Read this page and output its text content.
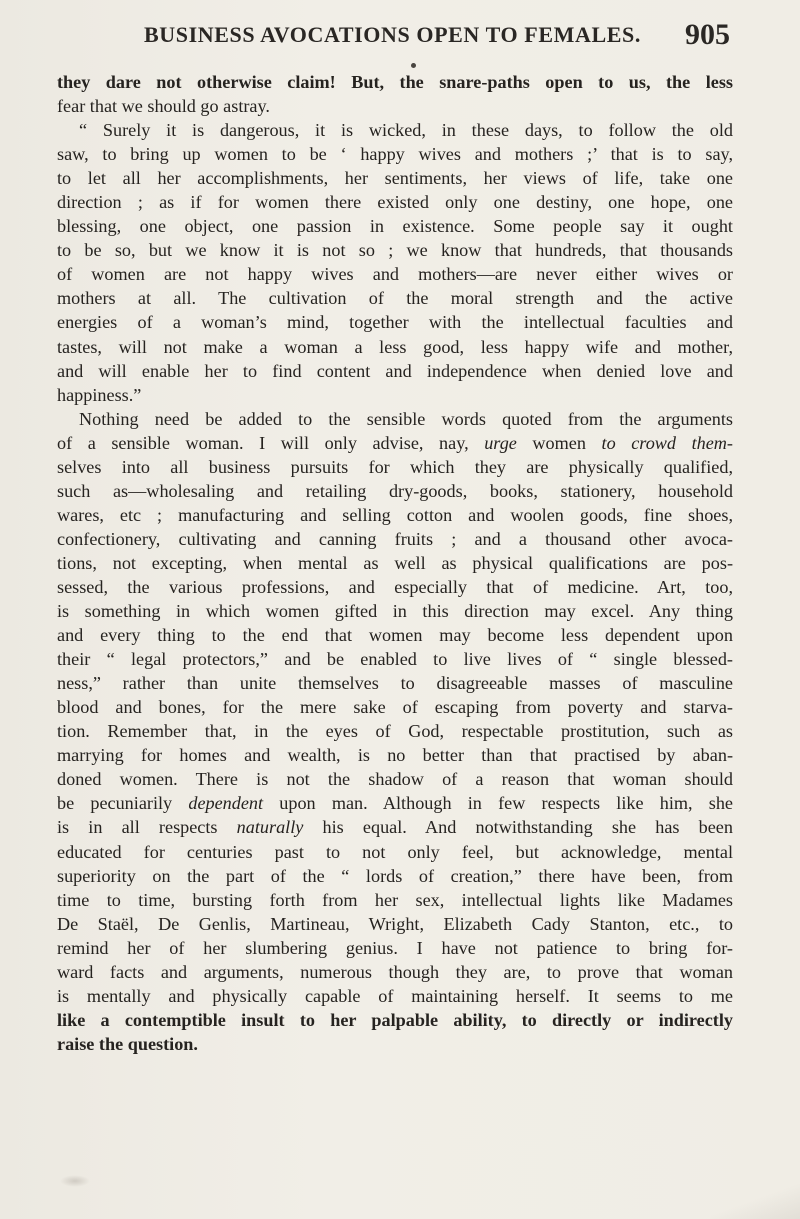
BUSINESS AVOCATIONS OPEN TO FEMALES. 905
they dare not otherwise claim! But, the snare-paths open to us, the less
fear that we should go astray.
“ Surely it is dangerous, it is wicked, in these days, to follow the old
saw, to bring up women to be ‘ happy wives and mothers ;’ that is to say,
to let all her accomplishments, her sentiments, her views of life, take one
direction ; as if for women there existed only one destiny, one hope, one
blessing, one object, one passion in existence. Some people say it ought
to be so, but we know it is not so ; we know that hundreds, that thousands
of women are not happy wives and mothers—are never either wives or
mothers at all. The cultivation of the moral strength and the active
energies of a woman’s mind, together with the intellectual faculties and
tastes, will not make a woman a less good, less happy wife and mother,
and will enable her to find content and independence when denied love and
happiness.”
Nothing need be added to the sensible words quoted from the arguments
of a sensible woman. I will only advise, nay, urge women to crowd them-
selves into all business pursuits for which they are physically qualified,
such as—wholesaling and retailing dry-goods, books, stationery, household
wares, etc ; manufacturing and selling cotton and woolen goods, fine shoes,
confectionery, cultivating and canning fruits ; and a thousand other avoca-
tions, not excepting, when mental as well as physical qualifications are pos-
sessed, the various professions, and especially that of medicine. Art, too,
is something in which women gifted in this direction may excel. Any thing
and every thing to the end that women may become less dependent upon
their “ legal protectors,” and be enabled to live lives of “ single blessed-
ness,” rather than unite themselves to disagreeable masses of masculine
blood and bones, for the mere sake of escaping from poverty and starva-
tion. Remember that, in the eyes of God, respectable prostitution, such as
marrying for homes and wealth, is no better than that practised by aban-
doned women. There is not the shadow of a reason that woman should
be pecuniarily dependent upon man. Although in few respects like him, she
is in all respects naturally his equal. And notwithstanding she has been
educated for centuries past to not only feel, but acknowledge, mental
superiority on the part of the “ lords of creation,” there have been, from
time to time, bursting forth from her sex, intellectual lights like Madames
De Staël, De Genlis, Martineau, Wright, Elizabeth Cady Stanton, etc., to
remind her of her slumbering genius. I have not patience to bring for-
ward facts and arguments, numerous though they are, to prove that woman
is mentally and physically capable of maintaining herself. It seems to me
like a contemptible insult to her palpable ability, to directly or indirectly
raise the question.
